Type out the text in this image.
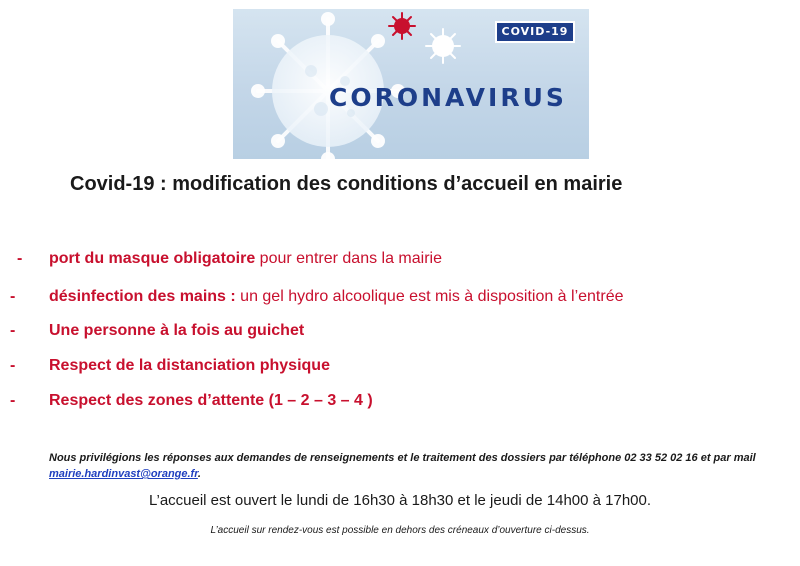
COVID-19
CORONAVIRUS
Covid-19 : modification des conditions d’accueil en mairie
- port du masque obligatoire pour entrer dans la mairie
- désinfection des mains : un gel hydro alcoolique est mis à disposition à l’entrée
- Une personne à la fois au guichet
- Respect de la distanciation physique
- Respect des zones d’attente (1 – 2 – 3 – 4 )
Nous privilégions les réponses aux demandes de renseignements et le traitement des dossiers par téléphone 02 33 52 02 16 et par mail mairie.hardinvast@orange.fr.
L’accueil est ouvert le lundi de 16h30 à 18h30 et le jeudi de 14h00 à 17h00.
L’accueil sur rendez-vous est possible en dehors des créneaux d’ouverture ci-dessus.
